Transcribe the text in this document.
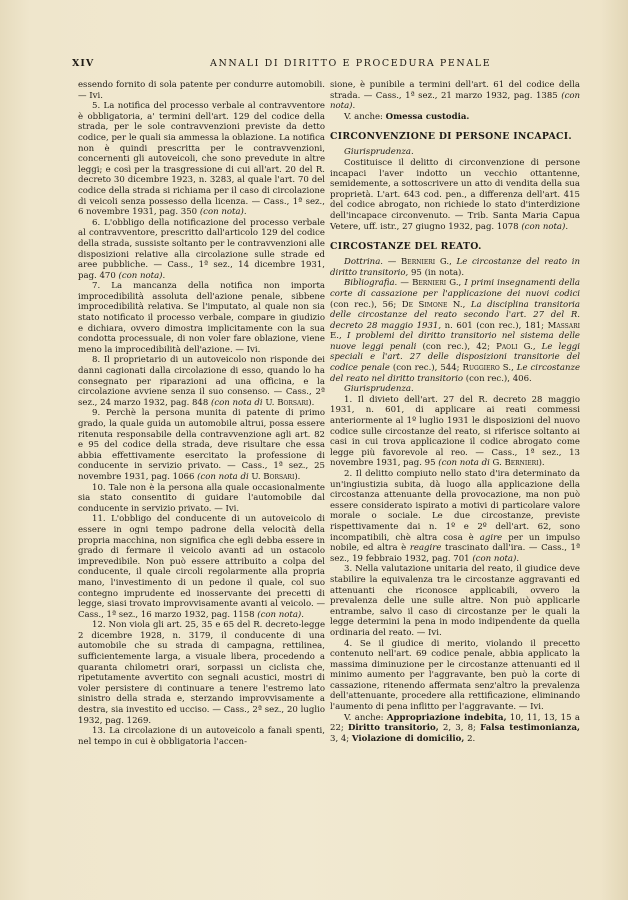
XIV	ANNALI DI DIRITTO E PROCEDURA PENALE

essendo fornito di sola patente per condurre automobili. — Ivi.

5. La notifica del processo verbale al contravventore è obbligatoria, a' termini dell'art. 129 del codice della strada, per le sole contravvenzioni previste da detto codice, per le quali sia ammessa la oblazione. La notifica non è quindi prescritta per le contravvenzioni, concernenti gli autoveicoli, che sono prevedute in altre leggi; e così per la trasgressione di cui all'art. 20 del R. decreto 30 dicembre 1923, n. 3283, al quale l'art. 70 del codice della strada si richiama per il caso di circolazione di veicoli senza possesso della licenza. — Cass., 1ª sez., 6 novembre 1931, pag. 350 (con nota).

6. L'obbligo della notificazione del processo verbale al contravventore, prescritto dall'articolo 129 del codice della strada, sussiste soltanto per le contravvenzioni alle disposizioni relative alla circolazione sulle strade ed aree pubbliche. — Cass., 1ª sez., 14 dicembre 1931, pag. 470 (con nota).

7. La mancanza della notifica non importa improcedibilità assoluta dell'azione penale, sibbene improcedibilità relativa. Se l'imputato, al quale non sia stato notificato il processo verbale, compare in giudizio e dichiara, ovvero dimostra implicitamente con la sua condotta processuale, di non voler fare oblazione, viene meno la improcedibilità dell'azione. — Ivi.

8. Il proprietario di un autoveicolo non risponde dei danni cagionati dalla circolazione di esso, quando lo ha consegnato per riparazioni ad una officina, e la circolazione avviene senza il suo consenso. — Cass., 2ª sez., 24 marzo 1932, pag. 848 (con nota di U. Borsari).

9. Perchè la persona munita di patente di primo grado, la quale guida un automobile altrui, possa essere ritenuta responsabile della contravvenzione agli art. 82 e 95 del codice della strada, deve risultare che essa abbia effettivamente esercitato la professione di conducente in servizio privato. — Cass., 1ª sez., 25 novembre 1931, pag. 1066 (con nota di U. Borsari).

10. Tale non è la persona alla quale occasionalmente sia stato consentito di guidare l'automobile dal conducente in servizio privato. — Ivi.

11. L'obbligo del conducente di un autoveicolo di essere in ogni tempo padrone della velocità della propria macchina, non significa che egli debba essere in grado di fermare il veicolo avanti ad un ostacolo imprevedibile. Non può essere attribuito a colpa del conducente, il quale circoli regolarmente alla propria mano, l'investimento di un pedone il quale, col suo contegno imprudente ed inosservante dei precetti di legge, siasi trovato improvvisamente avanti al veicolo. — Cass., 1ª sez., 16 marzo 1932, pag. 1158 (con nota).

12. Non viola gli art. 25, 35 e 65 del R. decreto-legge 2 dicembre 1928, n. 3179, il conducente di una automobile che su strada di campagna, rettilinea, sufficientemente larga, a visuale libera, procedendo a quaranta chilometri orari, sorpassi un ciclista che, ripetutamente avvertito con segnali acustici, mostri di voler persistere di continuare a tenere l'estremo lato sinistro della strada e, sterzando improvvisamente a destra, sia investito ed ucciso. — Cass., 2ª sez., 20 luglio 1932, pag. 1269.

13. La circolazione di un autoveicolo a fanali spenti, nel tempo in cui è obbligatoria l'accen-

sione, è punibile a termini dell'art. 61 del codice della strada. — Cass., 1ª sez., 21 marzo 1932, pag. 1385 (con nota).

V. anche: Omessa custodia.

CIRCONVENZIONE DI PERSONE INCAPACI.

Giurisprudenza.

Costituisce il delitto di circonvenzione di persone incapaci l'aver indotto un vecchio ottantenne, semidemente, a sottoscrivere un atto di vendita della sua proprietà. L'art. 643 cod. pen., a differenza dell'art. 415 del codice abrogato, non richiede lo stato d'interdizione dell'incapace circonvenuto. — Trib. Santa Maria Capua Vetere, uff. istr., 27 giugno 1932, pag. 1078 (con nota).

CIRCOSTANZE DEL REATO.

Dottrina. — Bernieri G., Le circostanze del reato in diritto transitorio, 95 (in nota).

Bibliografia. — Bernieri G., I primi insegnamenti della corte di cassazione per l'applicazione dei nuovi codici (con rec.), 56; De Simone N., La disciplina transitoria delle circostanze del reato secondo l'art. 27 del R. decreto 28 maggio 1931, n. 601 (con rec.), 181; Massari E., I problemi del diritto transitorio nel sistema delle nuove leggi penali (con rec.), 42; Paoli G., Le leggi speciali e l'art. 27 delle disposizioni transitorie del codice penale (con rec.), 544; Ruggiero S., Le circostanze del reato nel diritto transitorio (con rec.), 406.

Giurisprudenza.

1. Il divieto dell'art. 27 del R. decreto 28 maggio 1931, n. 601, di applicare ai reati commessi anteriormente al 1º luglio 1931 le disposizioni del nuovo codice sulle circostanze del reato, si riferisce soltanto ai casi in cui trova applicazione il codice abrogato come legge più favorevole al reo. — Cass., 1ª sez., 13 novembre 1931, pag. 95 (con nota di G. Bernieri).

2. Il delitto compiuto nello stato d'ira determinato da un'ingiustizia subita, dà luogo alla applicazione della circostanza attenuante della provocazione, ma non può essere considerato ispirato a motivi di particolare valore morale o sociale. Le due circostanze, previste rispettivamente dai n. 1º e 2º dell'art. 62, sono incompatibili, chè altra cosa è agire per un impulso nobile, ed altra è reagire trascinato dall'ira. — Cass., 1ª sez., 19 febbraio 1932, pag. 701 (con nota).

3. Nella valutazione unitaria del reato, il giudice deve stabilire la equivalenza tra le circostanze aggravanti ed attenuanti che riconosce applicabili, ovvero la prevalenza delle une sulle altre. Non può applicarle entrambe, salvo il caso di circostanze per le quali la legge determini la pena in modo indipendente da quella ordinaria del reato. — Ivi.

4. Se il giudice di merito, violando il precetto contenuto nell'art. 69 codice penale, abbia applicato la massima diminuzione per le circostanze attenuanti ed il minimo aumento per l'aggravante, ben può la corte di cassazione, ritenendo affermata senz'altro la prevalenza dell'attenuante, procedere alla rettificazione, eliminando l'aumento di pena inflitto per l'aggravante. — Ivi.

V. anche: Appropriazione indebita, 10, 11, 13, 15 a 22; Diritto transitorio, 2, 3, 8; Falsa testimonianza, 3, 4; Violazione di domicilio, 2.
